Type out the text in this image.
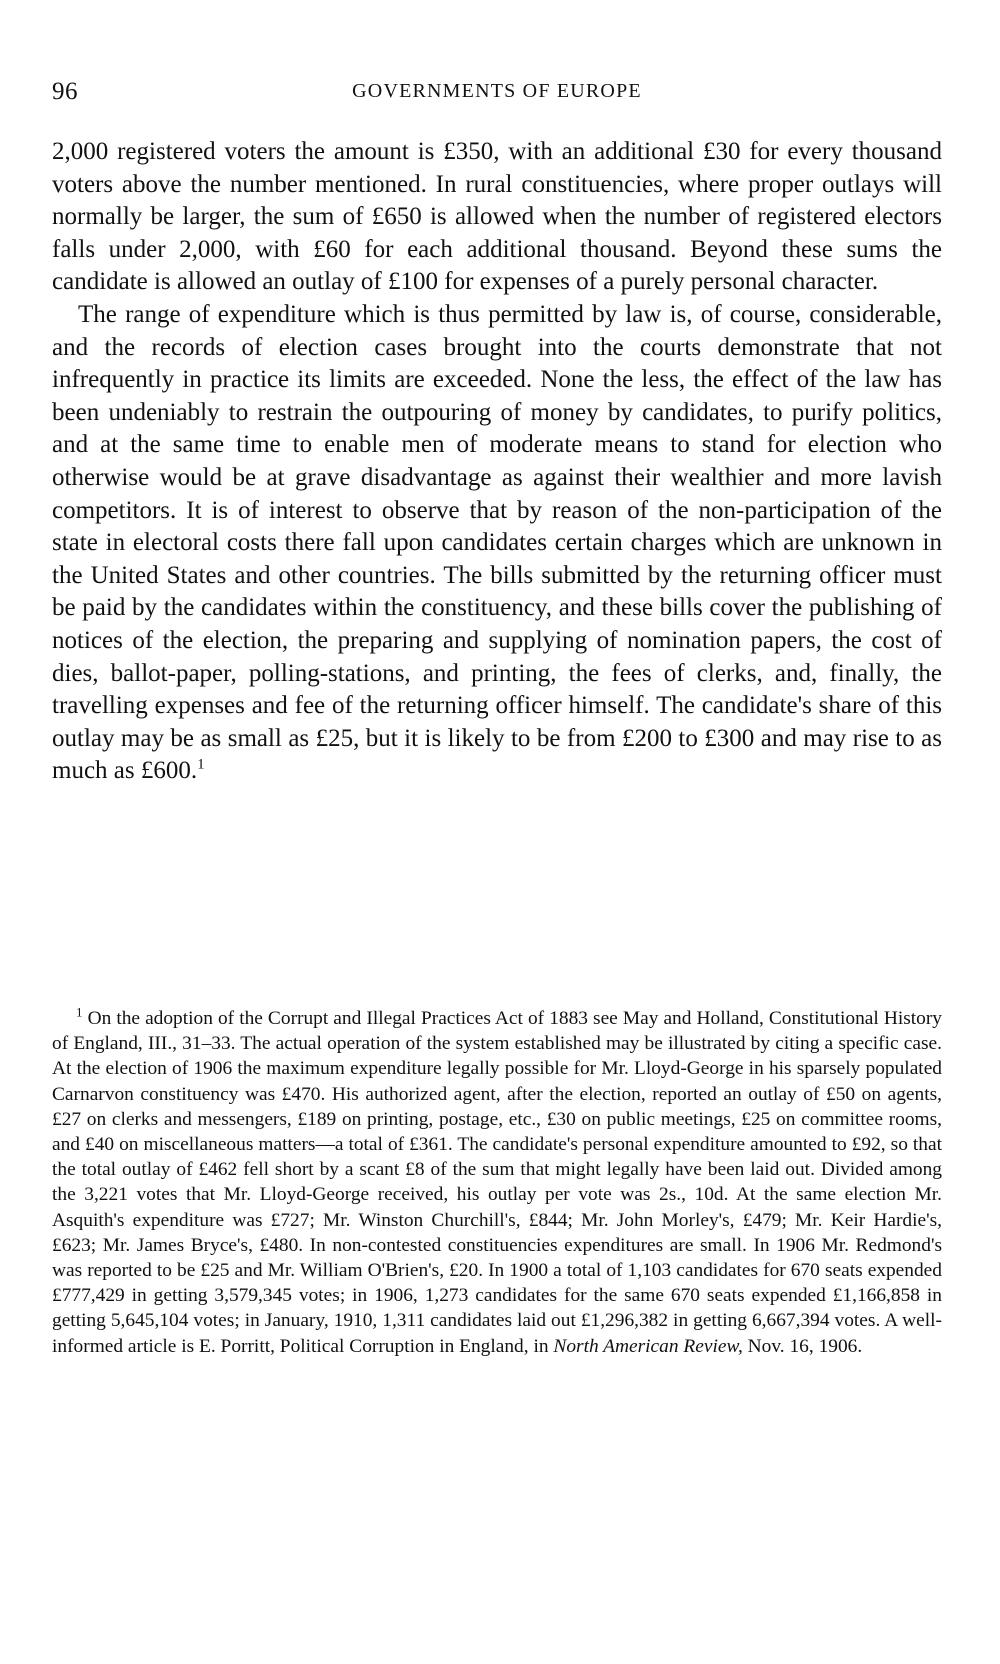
96	GOVERNMENTS OF EUROPE

2,000 registered voters the amount is £350, with an additional £30 for every thousand voters above the number mentioned. In rural constituencies, where proper outlays will normally be larger, the sum of £650 is allowed when the number of registered electors falls under 2,000, with £60 for each additional thousand. Beyond these sums the candidate is allowed an outlay of £100 for expenses of a purely personal character.

The range of expenditure which is thus permitted by law is, of course, considerable, and the records of election cases brought into the courts demonstrate that not infrequently in practice its limits are exceeded. None the less, the effect of the law has been undeniably to restrain the outpouring of money by candidates, to purify politics, and at the same time to enable men of moderate means to stand for election who otherwise would be at grave disadvantage as against their wealthier and more lavish competitors. It is of interest to observe that by reason of the non-participation of the state in electoral costs there fall upon candidates certain charges which are unknown in the United States and other countries. The bills submitted by the returning officer must be paid by the candidates within the constituency, and these bills cover the publishing of notices of the election, the preparing and supplying of nomination papers, the cost of dies, ballot-paper, polling-stations, and printing, the fees of clerks, and, finally, the travelling expenses and fee of the returning officer himself. The candidate's share of this outlay may be as small as £25, but it is likely to be from £200 to £300 and may rise to as much as £600.$^1$

$^1$ On the adoption of the Corrupt and Illegal Practices Act of 1883 see May and Holland, Constitutional History of England, III., 31–33. The actual operation of the system established may be illustrated by citing a specific case. At the election of 1906 the maximum expenditure legally possible for Mr. Lloyd-George in his sparsely populated Carnarvon constituency was £470. His authorized agent, after the election, reported an outlay of £50 on agents, £27 on clerks and messengers, £189 on printing, postage, etc., £30 on public meetings, £25 on committee rooms, and £40 on miscellaneous matters—a total of £361. The candidate's personal expenditure amounted to £92, so that the total outlay of £462 fell short by a scant £8 of the sum that might legally have been laid out. Divided among the 3,221 votes that Mr. Lloyd-George received, his outlay per vote was 2s., 10d. At the same election Mr. Asquith's expenditure was £727; Mr. Winston Churchill's, £844; Mr. John Morley's, £479; Mr. Keir Hardie's, £623; Mr. James Bryce's, £480. In non-contested constituencies expenditures are small. In 1906 Mr. Redmond's was reported to be £25 and Mr. William O'Brien's, £20. In 1900 a total of 1,103 candidates for 670 seats expended £777,429 in getting 3,579,345 votes; in 1906, 1,273 candidates for the same 670 seats expended £1,166,858 in getting 5,645,104 votes; in January, 1910, 1,311 candidates laid out £1,296,382 in getting 6,667,394 votes. A well-informed article is E. Porritt, Political Corruption in England, in North American Review, Nov. 16, 1906.
